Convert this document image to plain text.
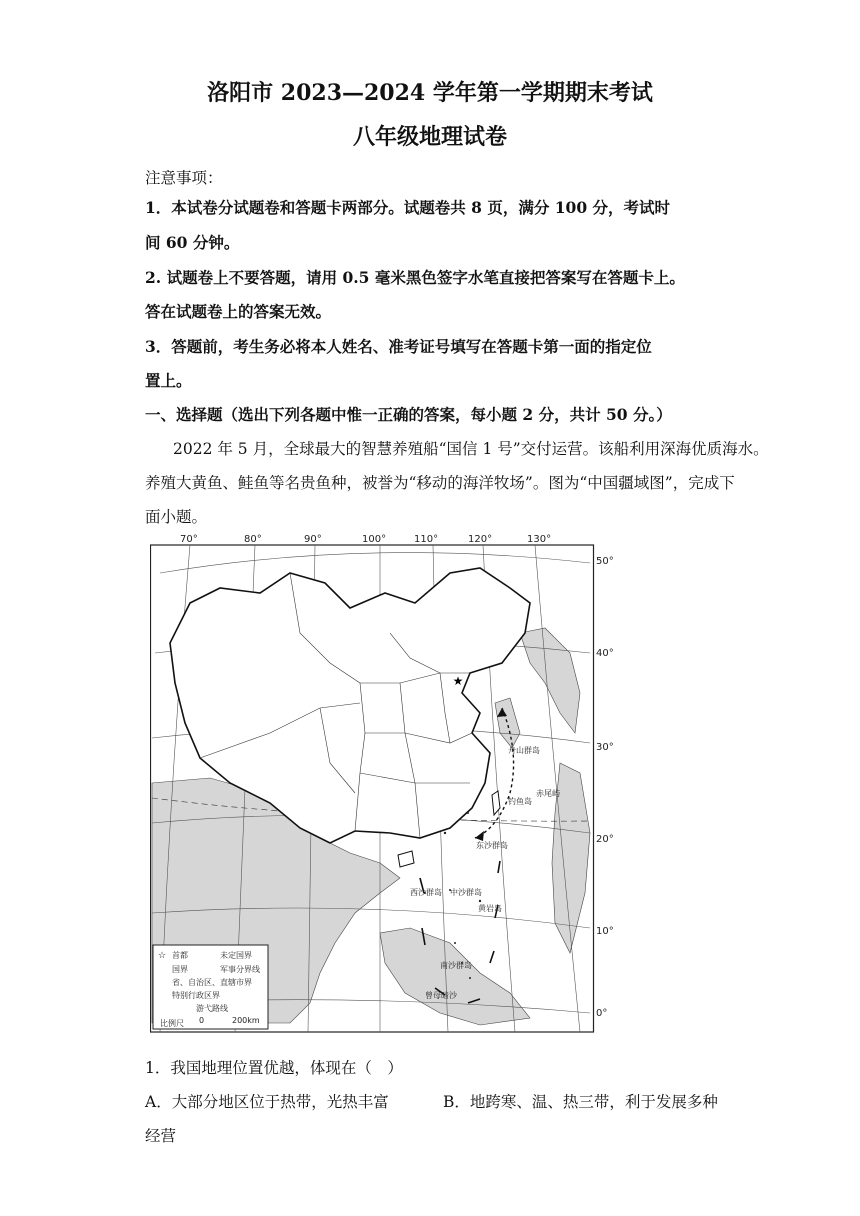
洛阳市 2023—2024 学年第一学期期末考试
八年级地理试卷
注意事项：
1．本试卷分试题卷和答题卡两部分。试题卷共 8 页，满分 100 分，考试时
间 60 分钟。
2. 试题卷上不要答题，请用 0.5 毫米黑色签字水笔直接把答案写在答题卡上。
答在试题卷上的答案无效。
3．答题前，考生务必将本人姓名、准考证号填写在答题卡第一面的指定位
置上。
一、选择题（选出下列各题中惟一正确的答案，每小题 2 分，共计 50 分。）
2022 年 5 月，全球最大的智慧养殖船“国信 1 号”交付运营。该船利用深海优质海水。
养殖大黄鱼、鲑鱼等名贵鱼种，被誉为“移动的海洋牧场”。图为“中国疆域图”，完成下
面小题。
★
☆
70°	80°	90°	100°	110°	120°	130°
50°
40°
30°
20°
10°
0°
舟山群岛
赤尾屿
钓鱼岛
东沙群岛
西沙群岛 中沙群岛
黄岩岛
南沙群岛
曾母暗沙
首都	未定国界
国界	军事分界线
省、自治区、直辖市界
特别行政区界
游弋路线
比例尺 0	200km
1．我国地理位置优越，体现在（　）
A．大部分地区位于热带，光热丰富	B．地跨寒、温、热三带，利于发展多种
经营
